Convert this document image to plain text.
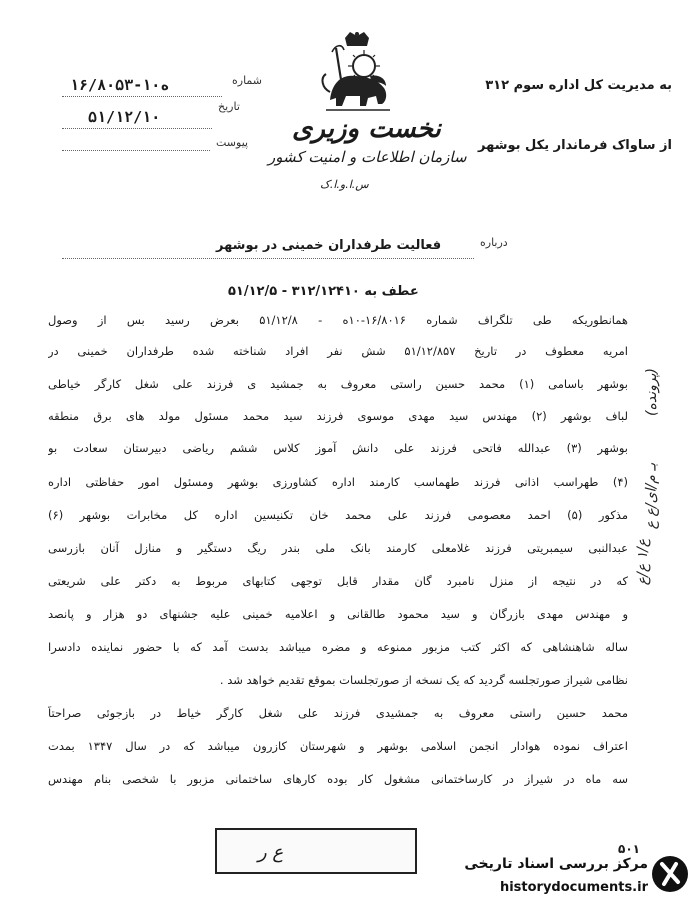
به مدیریت کل اداره سوم ۳۱۲
از ساواک فرماندار یکل بوشهر
شماره
۱۶/۸۰۵۳-۱۰ه
تاریخ
۵۱/۱۲/۱۰
پیوست نخست وزیری
سازمان اطلاعات و امنیت کشور
س.ا.و.ا.ک
درباره
فعالیت طرفداران خمینی در بوشهر
عطف به ۳۱۲/۱۲۴۱۰ - ۵۱/۱۲/۵
همانطوریکه طی تلگراف شماره ۱۶/۸۰۱۶-۱۰ه - ۵۱/۱۲/۸ بعرض رسید بس از وصول
امریه معطوف در تاریخ ۵۱/۱۲/۸۵۷ شش نفر افراد شناخته شده طرفداران خمینی در
بوشهر باسامی (۱) محمد حسین راستی معروف به جمشید ی فرزند علی شغل کارگر خیاطی
لباف بوشهر (۲) مهندس سید مهدی موسوی فرزند سید محمد مسئول مولد های برق منطقه
بوشهر (۳) عبدالله فاتحی فرزند علی دانش آموز کلاس ششم ریاضی دبیرستان سعادت بو
(۴) طهراسب اذانی فرزند طهماسب کارمند اداره کشاورزی بوشهر ومسئول امور حفاظتی اداره
مذکور (۵) احمد معصومی فرزند علی محمد خان تکنیسین اداره کل مخابرات بوشهر (۶)
عبدالنبی سیمبریتی فرزند غلامعلی کارمند بانک ملی بندر ریگ دستگیر و منازل آنان بازرسی
که در نتیجه از منزل نامبرد گان مقدار قابل توجهی کتابهای مربوط به دکتر علی شریعتی
و مهندس مهدی بازرگان و سید محمود طالقانی و اعلامیه خمینی علیه جشنهای دو هزار و پانصد
ساله شاهنشاهی که اکثر کتب مزبور ممنوعه و مضره میباشد بدست آمد که با حضور نماینده دادسرا
نظامی شیراز صورتجلسه گردید که یک نسخه از صورتجلسات بموقع تقدیم خواهد شد .
محمد حسین راستی معروف به جمشیدی فرزند علی شغل کارگر خیاط در بازجوئی صراحتاً
اعتراف نموده هوادار انجمن اسلامی بوشهر و شهرستان کازرون میباشد که در سال ۱۳۴۷ بمدت
سه ماه در شیراز در کارساختمانی مشغول کار بوده کارهای ساختمانی مزبور با شخصی بنام مهندس
(پرونده)
بـ م/ای/ع ع
ع/۱ ع/ع
ع ر	۵۰۱
مرکز بررسی اسناد تاریخی
historydocuments.ir
